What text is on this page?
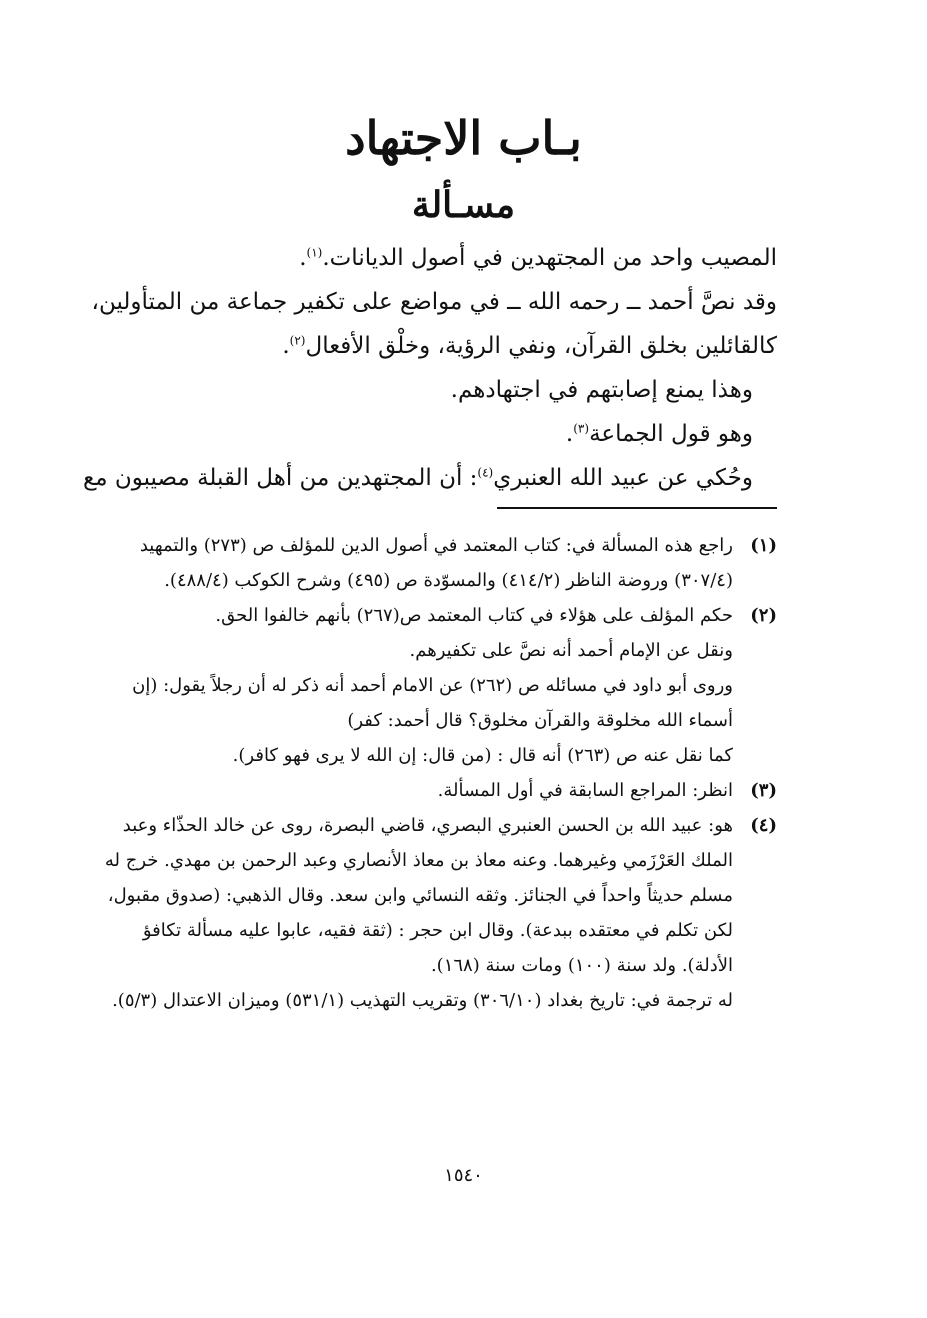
بـاب الاجتهاد
مسـألة

المصيب واحد من المجتهدين في أصول الديانات.$^{(١)}$.

وقد نصَّ أحمد ــ رحمه الله ــ في مواضع على تكفير جماعة من المتأولين،

كالقائلين بخلق القرآن، ونفي الرؤية، وخلْق الأفعال$^{(٢)}$.

وهذا يمنع إصابتهم في اجتهادهم.

وهو قول الجماعة$^{(٣)}$.

وحُكي عن عبيد الله العنبري$^{(٤)}$: أن المجتهدين من أهل القبلة مصيبون مع

(١)

راجع هذه المسألة في: كتاب المعتمد في أصول الدين للمؤلف ص (٢٧٣) والتمهيد (٣٠٧/٤) وروضة الناظر (٤١٤/٢) والمسوّدة ص (٤٩٥) وشرح الكوكب (٤٨٨/٤).

(٢)

حكم المؤلف على هؤلاء في كتاب المعتمد ص(٢٦٧) بأنهم خالفوا الحق.

ونقل عن الإمام أحمد أنه نصَّ على تكفيرهم.

وروى أبو داود في مسائله ص (٢٦٢) عن الامام أحمد أنه ذكر له أن رجلاً يقول: (إن أسماء الله مخلوقة والقرآن مخلوق؟ قال أحمد: كفر)

كما نقل عنه ص (٢٦٣) أنه قال : (من قال: إن الله لا يرى فهو كافر).

(٣)

انظر: المراجع السابقة في أول المسألة.

(٤)

هو: عبيد الله بن الحسن العنبري البصري، قاضي البصرة، روى عن خالد الحذّاء وعبد الملك العَرْزَمي وغيرهما. وعنه معاذ بن معاذ الأنصاري وعبد الرحمن بن مهدي. خرج له مسلم حديثاً واحداً في الجنائز. وثقه النسائي وابن سعد. وقال الذهبي: (صدوق مقبول، لكن تكلم في معتقده ببدعة). وقال ابن حجر : (ثقة فقيه، عابوا عليه مسألة تكافؤ الأدلة). ولد سنة (١٠٠) ومات سنة (١٦٨).

له ترجمة في: تاريخ بغداد (٣٠٦/١٠) وتقريب التهذيب (٥٣١/١) وميزان الاعتدال (٥/٣).

١٥٤٠
